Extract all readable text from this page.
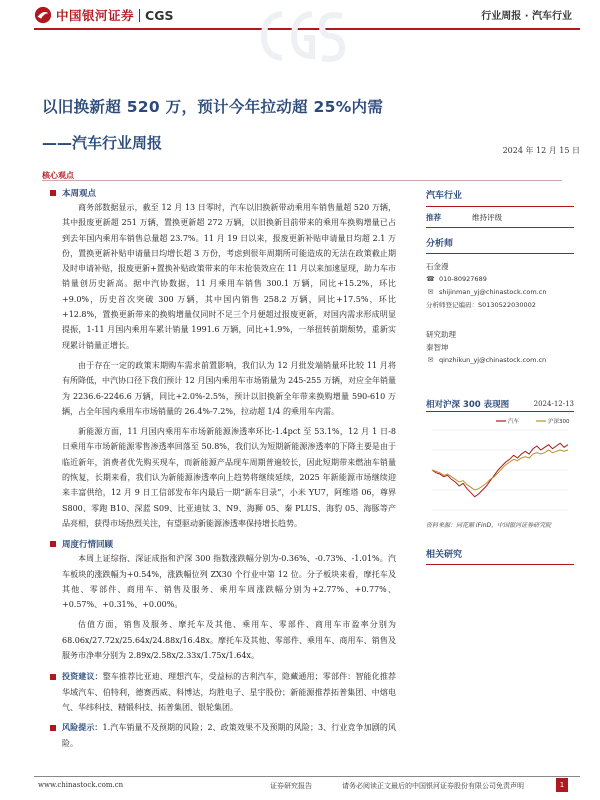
中国银河证券 CGS	行业周报 · 汽车行业
以旧换新超 520 万，预计今年拉动超 25%内需
——汽车行业周报	2024 年 12 月 15 日
核心观点
本周观点

商务部数据显示，截至 12 月 13 日零时，汽车以旧换新带动乘用车销售量超 520 万辆，其中报废更新超 251 万辆，置换更新超 272 万辆，以旧换新目前带来的乘用车换购增量已占到去年国内乘用车销售总量超 23.7%。11 月 19 日以来，报废更新补贴申请量日均超 2.1 万份，置换更新补贴申请量日均增长超 3 万份，考虑到很年周期所可能造成的无法在政策截止期及时申请补贴，报废更新+置换补贴政策带来的年末抢装效应在 11 月以来加速显现，助力车市销量创历史新高。据中汽协数据，11 月乘用车销售 300.1 万辆，同比+15.2%，环比+9.0%，历史首次突破 300 万辆，其中国内销售 258.2 万辆，同比+17.5%，环比+12.8%，置换更新带来的换购增量仅同时不足三个月便超过报废更新，对国内需求形成明显提振，1-11 月国内乘用车累计销量 1991.6 万辆，同比+1.9%，一举扭转前期颓势，重新实现累计销量正增长。

由于存在一定的政策末期购车需求前置影响，我们认为 12 月批发端销量环比较 11 月将有所降低，中汽协口径下我们预计 12 月国内乘用车市场销量为 245-255 万辆，对应全年销量为 2236.6-2246.6 万辆，同比+2.0%-2.5%，预计以旧换新全年带来换购增量 590-610 万辆，占全年国内乘用车市场销量的 26.4%-7.2%，拉动超 1/4 的乘用车内需。

新能源方面，11 月国内乘用车市场新能源渗透率环比-1.4pct 至 53.1%，12 月 1 日-8 日乘用车市场新能源零售渗透率回落至 50.8%，我们认为短期新能源渗透率的下降主要是由于临近新年，消费者优先购买现车，而新能源产品现车周期普遍较长，因此短期带来燃油车销量的恢复，长期来看，我们认为新能源渗透率向上趋势将继续延续，2025 年新能源市场继续迎来丰富供给，12 月 9 日工信部发布年内最后一期“新车目录”，小米 YU7，阿维塔 06，尊界 S800、零跑 B10、深蓝 S09、比亚迪钛 3、N9、海狮 05、秦 PLUS、海豹 05、海豚等产品亮相，获得市场热烈关注，有望驱动新能源渗透率保持增长趋势。

周度行情回顾

本周上证综指、深证成指和沪深 300 指数涨跌幅分别为-0.36%、-0.73%、-1.01%。汽车板块的涨跌幅为+0.54%，涨跌幅位列 ZX30 个行业中第 12 位。分子板块来看，摩托车及其他、零部件、商用车、销售及服务、乘用车周涨跌幅分别为+2.77%、+0.77%、+0.57%、+0.31%、+0.00%。

估值方面，销售及服务、摩托车及其他、乘用车、零部件、商用车市盈率分别为 68.06x/27.72x/25.64x/24.88x/16.48x。摩托车及其他、零部件、乘用车、商用车、销售及服务市净率分别为 2.89x/2.58x/2.33x/1.75x/1.64x。

投资建议：整车推荐比亚迪、理想汽车，受益标的吉利汽车，隐藏通用；零部件：智能化推荐华域汽车、伯特利，德赛西威、科博达，均胜电子、星宇股份；新能源推荐拓普集团、中熔电气、华纬科技、精锻科技、拓普集团、银轮集团。
风险提示：1.汽车销量不及预期的风险；2、政策效果不及预期的风险；3、行业竞争加剧的风险。
汽车行业
推荐	维持评级
分析师
石金漫
☎ 010-80927689
✉ shijinman_yj@chinastock.com.cn
分析师登记编码：S0130522030002
研究助理
秦智坤
✉ qinzhikun_yj@chinastock.com.cn
相对沪深 300 表现图	2024-12-13
汽车	沪深300
资料来源：同花顺 iFinD，中国银河证券研究院
相关研究
www.chinastock.com.cn	证券研究报告	请务必阅读正文最后的中国银河证券股份有限公司免责声明	1
